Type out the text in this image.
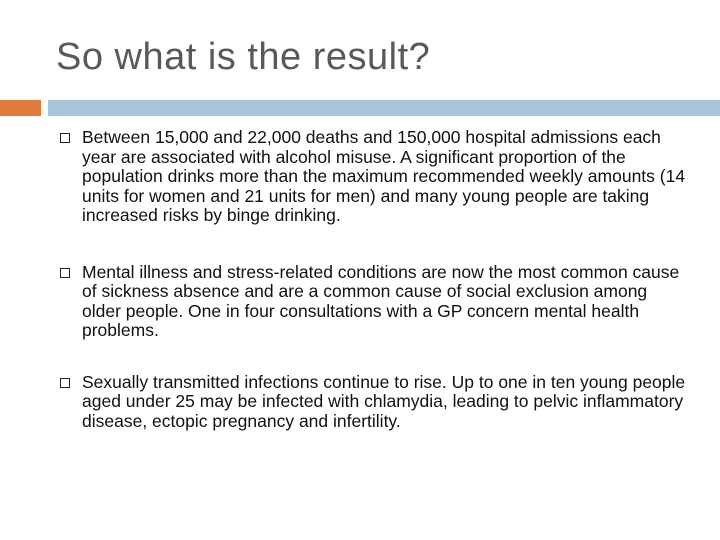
So what is the result?
Between 15,000 and 22,000 deaths and 150,000 hospital admissions each year are associated with alcohol misuse. A significant proportion of the population drinks more than the maximum recommended weekly amounts (14 units for women and 21 units for men) and many young people are taking increased risks by binge drinking.
Mental illness and stress-related conditions are now the most common cause of sickness absence and are a common cause of social exclusion among older people. One in four consultations with a GP concern mental health problems.
Sexually transmitted infections continue to rise. Up to one in ten young people aged under 25 may be infected with chlamydia, leading to pelvic inflammatory disease, ectopic pregnancy and infertility.
